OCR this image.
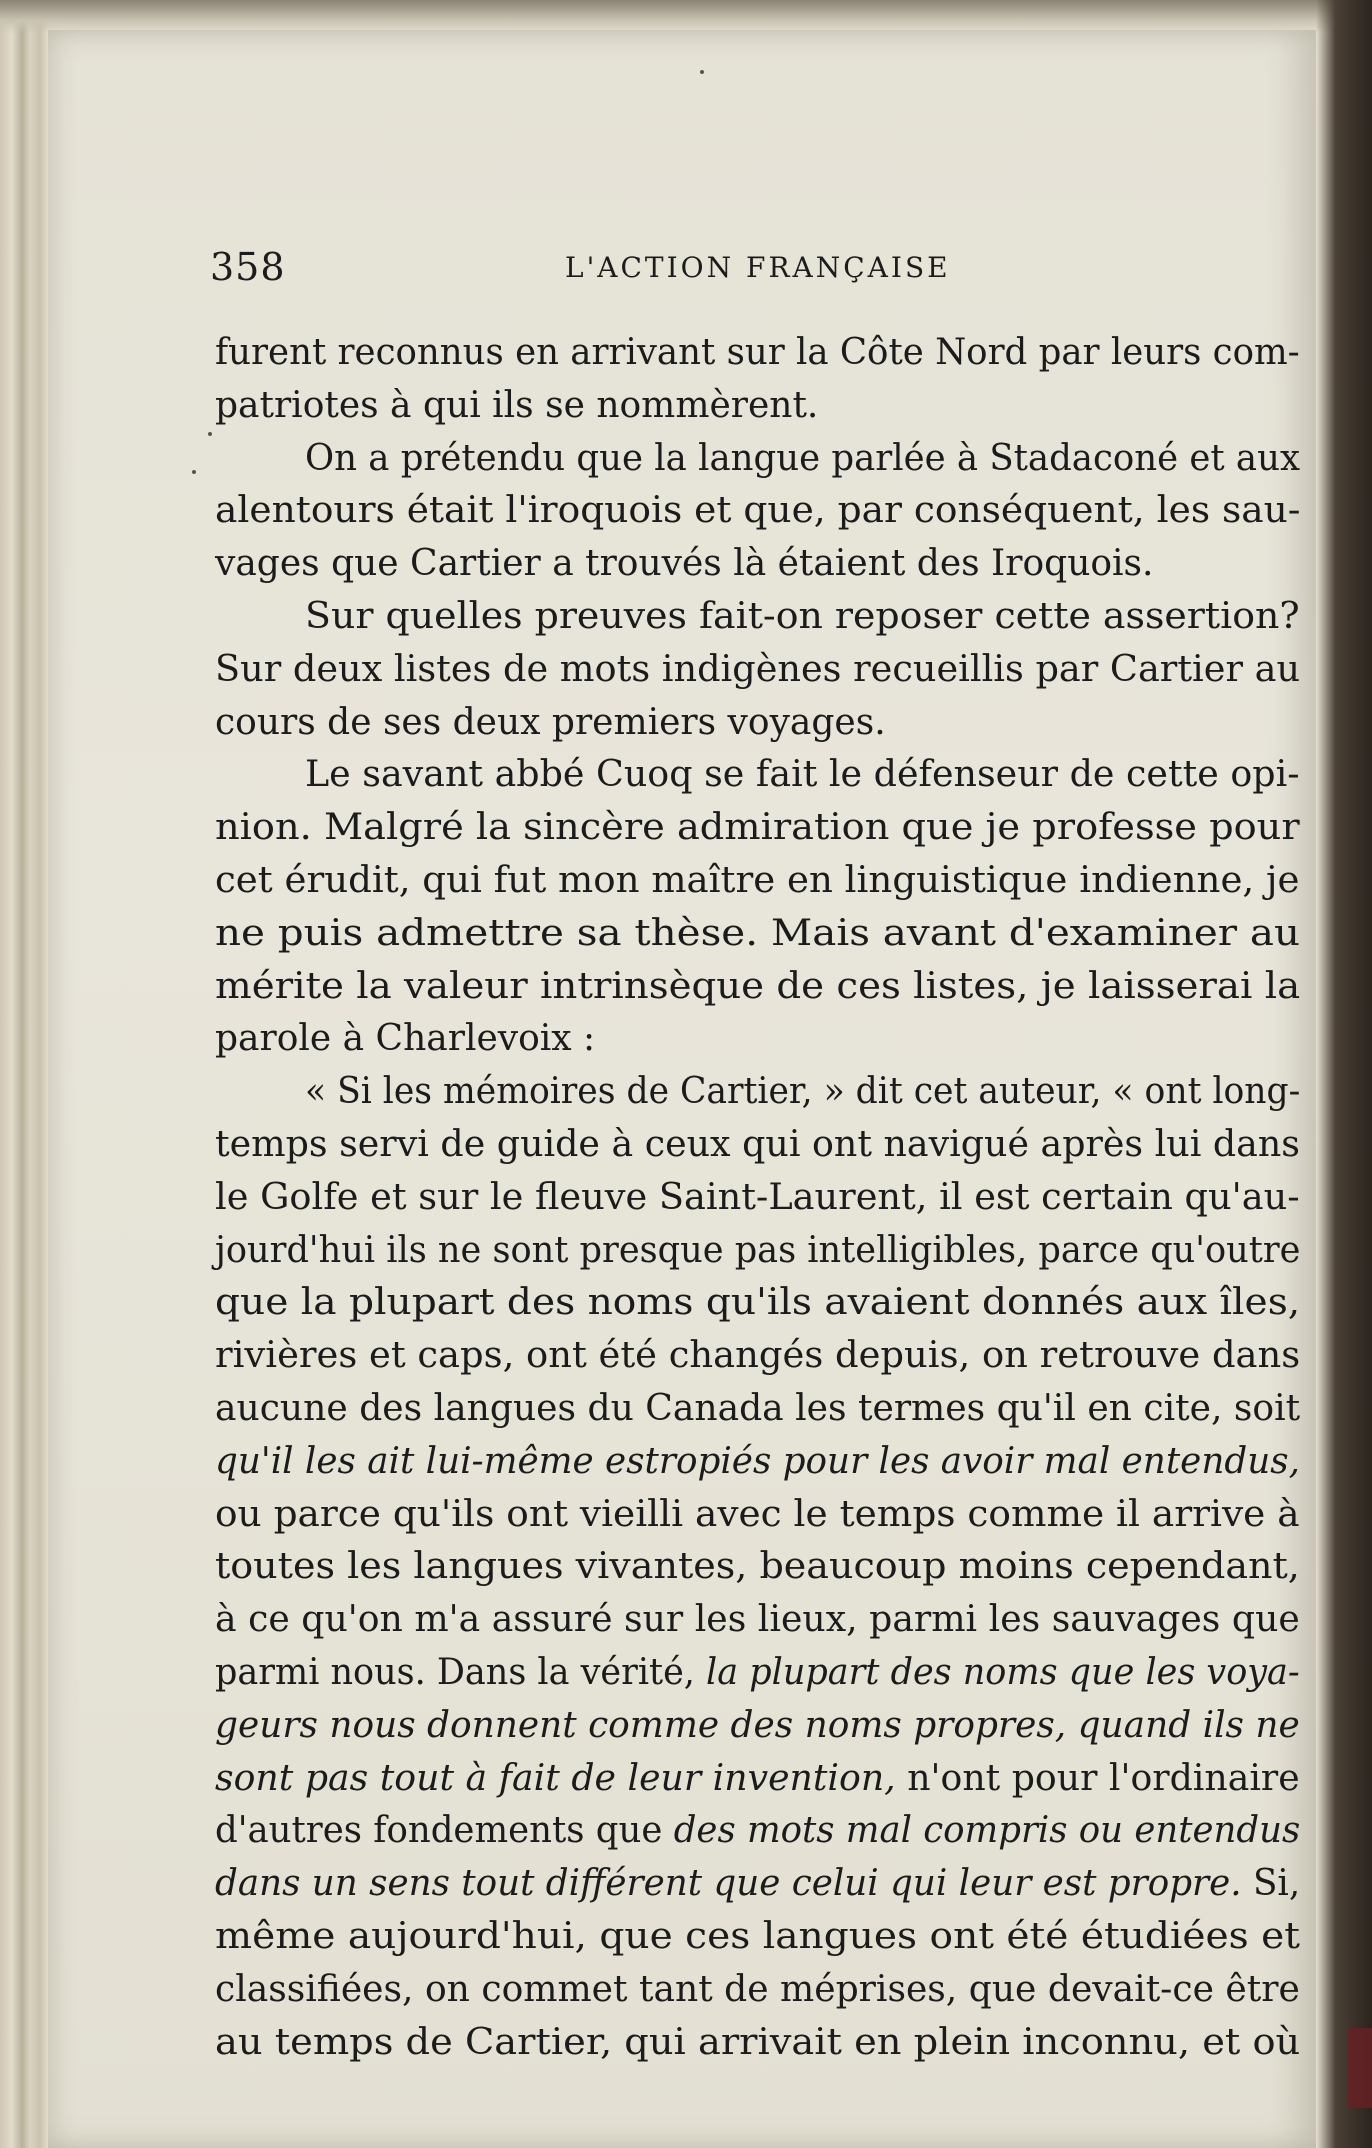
358	L'ACTION FRANÇAISE
furent reconnus en arrivant sur la Côte Nord par leurs com-
patriotes à qui ils se nommèrent.
On a prétendu que la langue parlée à Stadaconé et aux
alentours était l'iroquois et que, par conséquent, les sau-
vages que Cartier a trouvés là étaient des Iroquois.
Sur quelles preuves fait-on reposer cette assertion?
Sur deux listes de mots indigènes recueillis par Cartier au
cours de ses deux premiers voyages.
Le savant abbé Cuoq se fait le défenseur de cette opi-
nion. Malgré la sincère admiration que je professe pour
cet érudit, qui fut mon maître en linguistique indienne, je
ne puis admettre sa thèse. Mais avant d'examiner au
mérite la valeur intrinsèque de ces listes, je laisserai la
parole à Charlevoix :
« Si les mémoires de Cartier, » dit cet auteur, « ont long-
temps servi de guide à ceux qui ont navigué après lui dans
le Golfe et sur le fleuve Saint-Laurent, il est certain qu'au-
jourd'hui ils ne sont presque pas intelligibles, parce qu'outre
que la plupart des noms qu'ils avaient donnés aux îles,
rivières et caps, ont été changés depuis, on retrouve dans
aucune des langues du Canada les termes qu'il en cite, soit
qu'il les ait lui-même estropiés pour les avoir mal entendus,
ou parce qu'ils ont vieilli avec le temps comme il arrive à
toutes les langues vivantes, beaucoup moins cependant,
à ce qu'on m'a assuré sur les lieux, parmi les sauvages que
parmi nous. Dans la vérité, la plupart des noms que les voya-
geurs nous donnent comme des noms propres, quand ils ne
sont pas tout à fait de leur invention, n'ont pour l'ordinaire
d'autres fondements que des mots mal compris ou entendus
dans un sens tout différent que celui qui leur est propre. Si,
même aujourd'hui, que ces langues ont été étudiées et
classifiées, on commet tant de méprises, que devait-ce être
au temps de Cartier, qui arrivait en plein inconnu, et où
